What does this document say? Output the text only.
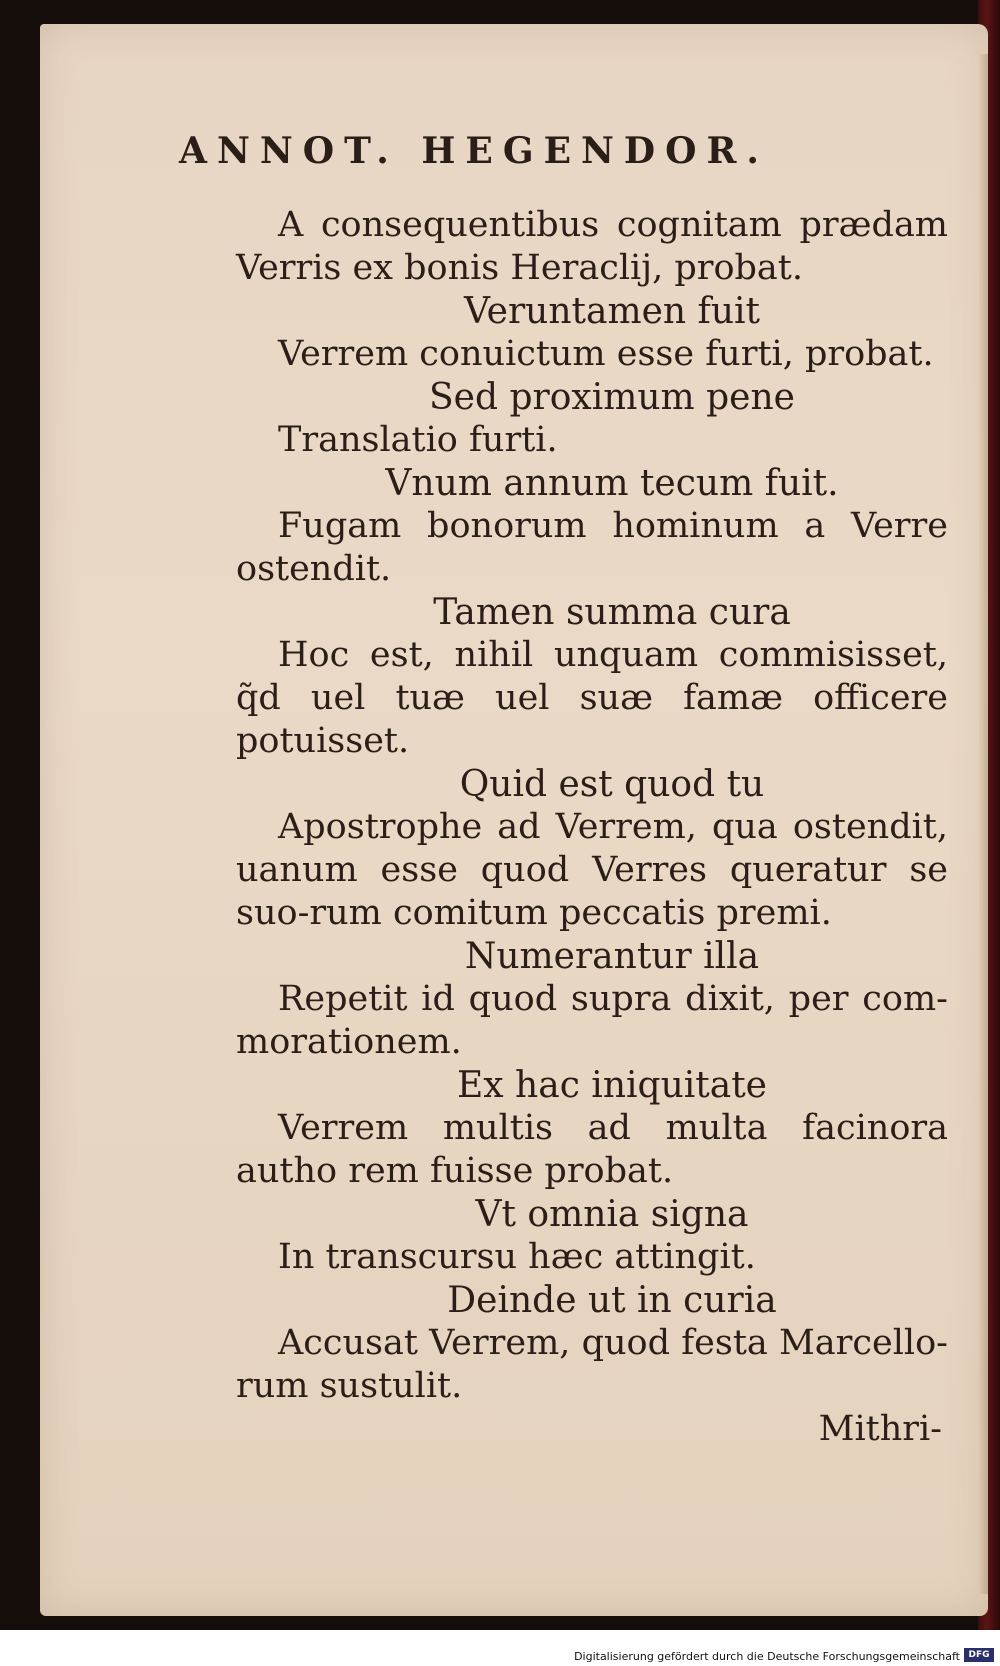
ANNOT. HEGENDOR.

A consequentibus cognitam prædam Verris ex bonis Heraclij, probat.

Veruntamen fuit

Verrem conuictum esse furti, probat.

Sed proximum pene

Translatio furti.

Vnum annum tecum fuit.

Fugam bonorum hominum a Verre ostendit.

Tamen summa cura

Hoc est, nihil unquam commisisset, q̃d uel tuæ uel suæ famæ officere potuisset.

Quid est quod tu

Apostrophe ad Verrem, qua ostendit, uanum esse quod Verres queratur se suo-rum comitum peccatis premi.

Numerantur illa

Repetit id quod supra dixit, per com-morationem.

Ex hac iniquitate

Verrem multis ad multa facinora autho rem fuisse probat.

Vt omnia signa

In transcursu hæc attingit.

Deinde ut in curia

Accusat Verrem, quod festa Marcello-rum sustulit.

Mithri-

Digitalisierung gefördert durch die Deutsche Forschungsgemeinschaft DFG
